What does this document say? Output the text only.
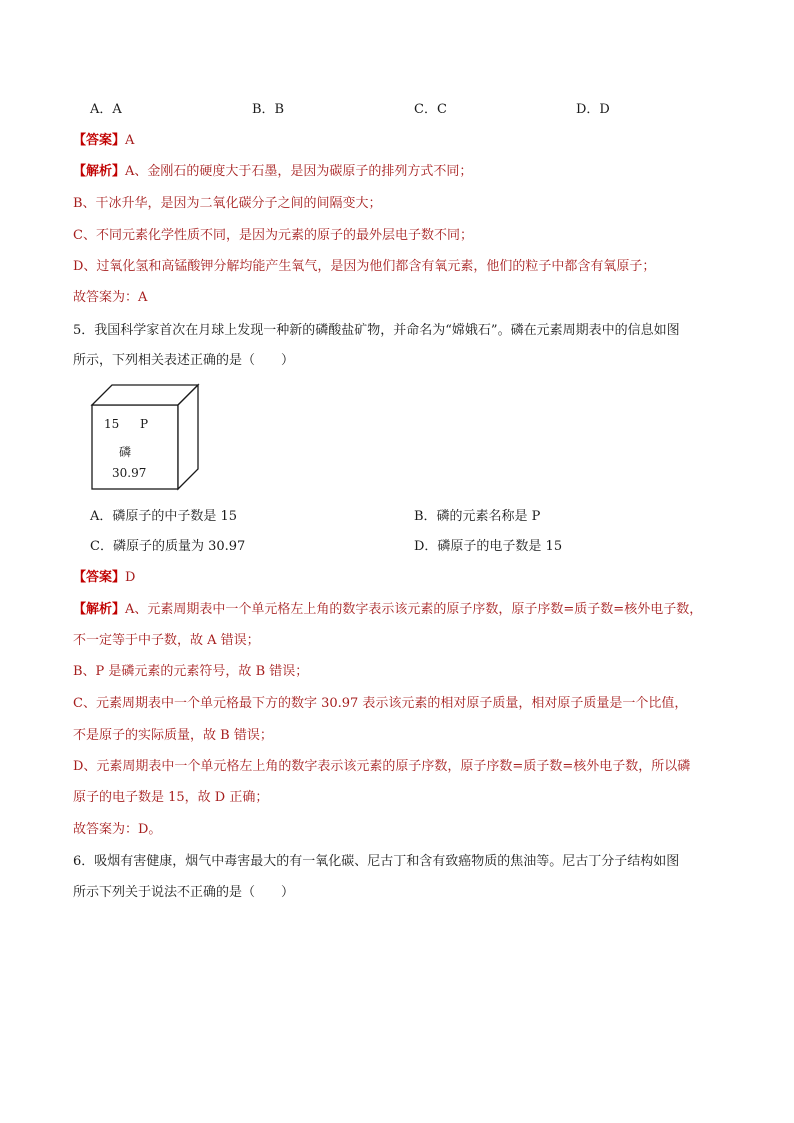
A．A	B．B	C．C	D．D
【答案】A
【解析】A、金刚石的硬度大于石墨，是因为碳原子的排列方式不同；
B、干冰升华，是因为二氧化碳分子之间的间隔变大；
C、不同元素化学性质不同，是因为元素的原子的最外层电子数不同；
D、过氧化氢和高锰酸钾分解均能产生氧气，是因为他们都含有氧元素，他们的粒子中都含有氧原子；
故答案为：A
5．我国科学家首次在月球上发现一种新的磷酸盐矿物，并命名为“嫦娥石”。磷在元素周期表中的信息如图
所示，下列相关表述正确的是（　　）
15 P
磷
30.97
A．磷原子的中子数是 15	B．磷的元素名称是 P
C．磷原子的质量为 30.97	D．磷原子的电子数是 15
【答案】D
【解析】A、元素周期表中一个单元格左上角的数字表示该元素的原子序数，原子序数=质子数=核外电子数，
不一定等于中子数，故 A 错误；
B、P 是磷元素的元素符号，故 B 错误；
C、元素周期表中一个单元格最下方的数字 30.97 表示该元素的相对原子质量，相对原子质量是一个比值，
不是原子的实际质量，故 B 错误；
D、元素周期表中一个单元格左上角的数字表示该元素的原子序数，原子序数=质子数=核外电子数，所以磷
原子的电子数是 15，故 D 正确；
故答案为：D。
6．吸烟有害健康，烟气中毒害最大的有一氧化碳、尼古丁和含有致癌物质的焦油等。尼古丁分子结构如图
所示下列关于说法不正确的是（　　）
